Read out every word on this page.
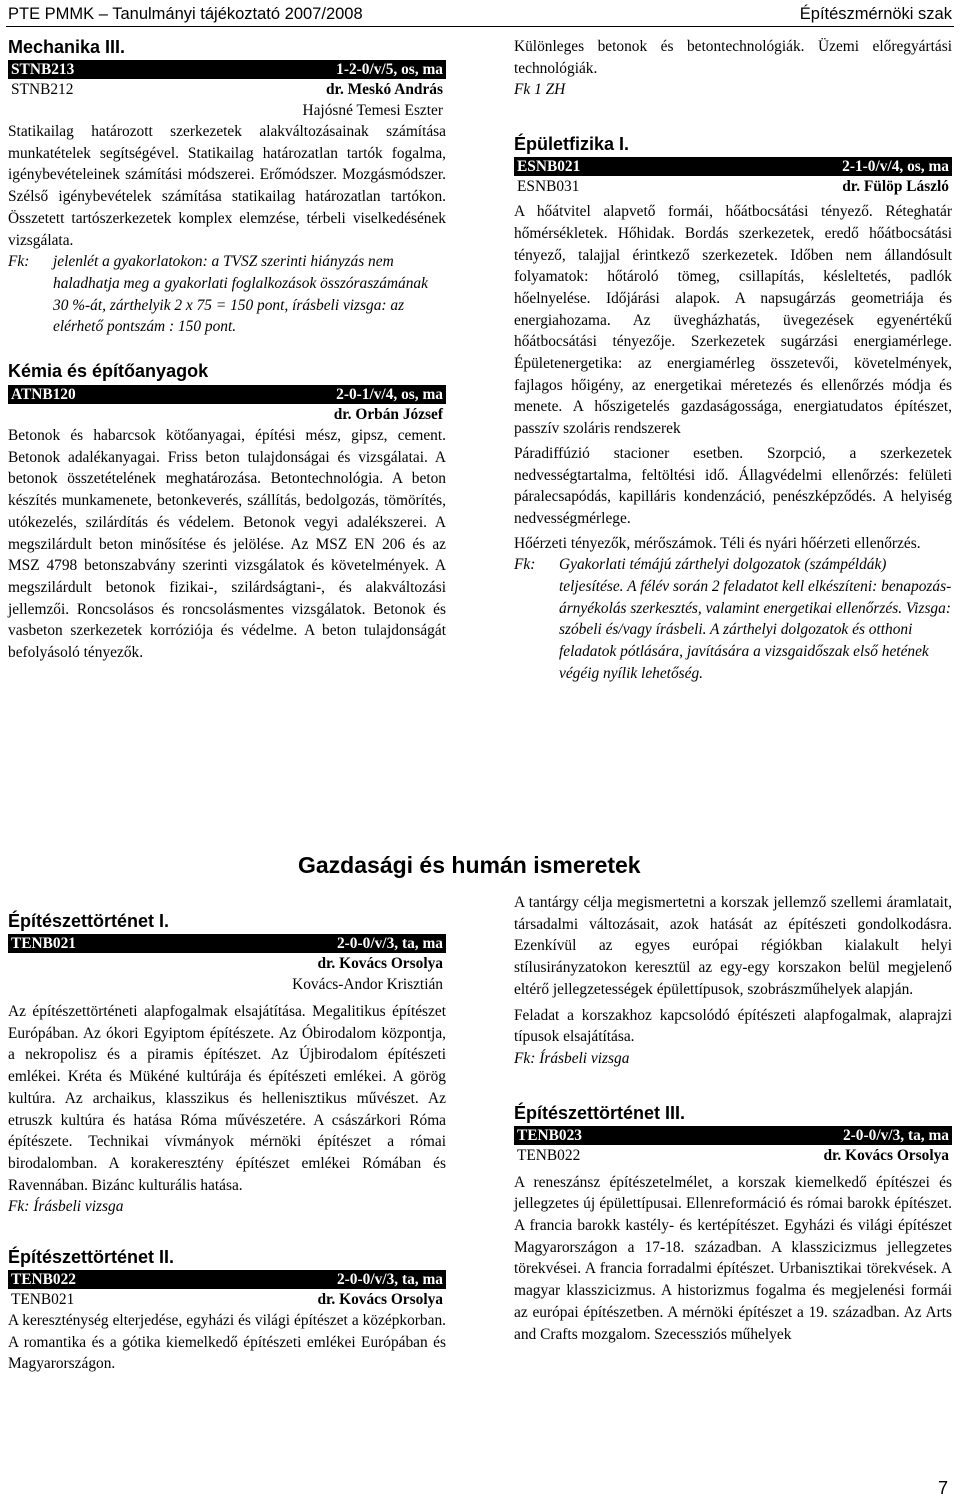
PTE PMMK – Tanulmányi tájékoztató 2007/2008	Építészmérnöki szak
Mechanika III.
STNB213	1-2-0/v/5, os, ma
STNB212	dr. Meskó András
Hajósné Temesi Eszter

Statikailag határozott szerkezetek alakváltozásainak számítása munkatételek segítségével. Statikailag határozatlan tartók fogalma, igénybevételeinek számítási módszerei. Erőmódszer. Mozgásmódszer. Szélső igénybevételek számítása statikailag határozatlan tartókon. Összetett tartószerkezetek komplex elemzése, térbeli viselkedésének vizsgálata.

Fk:	jelenlét a gyakorlatokon: a TVSZ szerinti hiányzás nem haladhatja meg a gyakorlati foglalkozások összóraszámának 30 %-át, zárthelyik 2 x 75 = 150 pont, írásbeli vizsga: az elérhető pontszám : 150 pont.
Kémia és építőanyagok
ATNB120	2-0-1/v/4, os, ma
dr. Orbán József

Betonok és habarcsok kötőanyagai, építési mész, gipsz, cement. Betonok adalékanyagai. Friss beton tulajdonságai és vizsgálatai. A betonok összetételének meghatározása. Betontechnológia. A beton készítés munkamenete, betonkeverés, szállítás, bedolgozás, tömörítés, utókezelés, szilárdítás és védelem. Betonok vegyi adalékszerei. A megszilárdult beton minősítése és jelölése. Az MSZ EN 206 és az MSZ 4798 betonszabvány szerinti vizsgálatok és követelmények. A megszilárdult betonok fizikai-, szilárdságtani-, és alakváltozási jellemzői. Roncsolásos és roncsolásmentes vizsgálatok. Betonok és vasbeton szerkezetek korróziója és védelme. A beton tulajdonságát befolyásoló tényezők.

Különleges betonok és betontechnológiák. Üzemi előregyártási technológiák.

Fk 1 ZH
Épületfizika I.
ESNB021	2-1-0/v/4, os, ma
ESNB031	dr. Fülöp László

A hőátvitel alapvető formái, hőátbocsátási tényező. Réteghatár hőmérsékletek. Hőhidak. Bordás szerkezetek, eredő hőátbocsátási tényező, talajjal érintkező szerkezetek. Időben nem állandósult folyamatok: hőtároló tömeg, csillapítás, késleltetés, padlók hőelnyelése. Időjárási alapok. A napsugárzás geometriája és energiahozama. Az üvegházhatás, üvegezések egyenértékű hőátbocsátási tényezője. Szerkezetek sugárzási energiamérlege. Épületenergetika: az energiamérleg összetevői, követelmények, fajlagos hőigény, az energetikai méretezés és ellenőrzés módja és menete. A hőszigetelés gazdaságossága, energiatudatos építészet, passzív szoláris rendszerek

Páradiffúzió stacioner esetben. Szorpció, a szerkezetek nedvességtartalma, feltöltési idő. Állagvédelmi ellenőrzés: felületi páralecsapódás, kapilláris kondenzáció, penészképződés. A helyiség nedvességmérlege.

Hőérzeti tényezők, mérőszámok. Téli és nyári hőérzeti ellenőrzés.

Fk:	Gyakorlati témájú zárthelyi dolgozatok (számpéldák) teljesítése. A félév során 2 feladatot kell elkészíteni: benapozás-árnyékolás szerkesztés, valamint energetikai ellenőrzés. Vizsga: szóbeli és/vagy írásbeli. A zárthelyi dolgozatok és otthoni feladatok pótlására, javítására a vizsgaidőszak első hetének végéig nyílik lehetőség.
Gazdasági és humán ismeretek
Építészettörténet I.
TENB021	2-0-0/v/3, ta, ma
dr. Kovács Orsolya
Kovács-Andor Krisztián

Az építészettörténeti alapfogalmak elsajátítása. Megalitikus építészet Európában. Az ókori Egyiptom építészete. Az Óbirodalom központja, a nekropolisz és a piramis építészet. Az Újbirodalom építészeti emlékei. Kréta és Mükéné kultúrája és építészeti emlékei. A görög kultúra. Az archaikus, klasszikus és hellenisztikus művészet. Az etruszk kultúra és hatása Róma művészetére. A császárkori Róma építészete. Technikai vívmányok mérnöki építészet a római birodalomban. A korakeresztény építészet emlékei Rómában és Ravennában. Bizánc kulturális hatása.

Fk: Írásbeli vizsga
Építészettörténet II.
TENB022	2-0-0/v/3, ta, ma
TENB021	dr. Kovács Orsolya

A kereszténység elterjedése, egyházi és világi építészet a középkorban. A romantika és a gótika kiemelkedő építészeti emlékei Európában és Magyarországon.

A tantárgy célja megismertetni a korszak jellemző szellemi áramlatait, társadalmi változásait, azok hatását az építészeti gondolkodásra. Ezenkívül az egyes európai régiókban kialakult helyi stílusirányzatokon keresztül az egy-egy korszakon belül megjelenő eltérő jellegzetességek épülettípusok, szobrászműhelyek alapján.

Feladat a korszakhoz kapcsolódó építészeti alapfogalmak, alaprajzi típusok elsajátítása.

Fk: Írásbeli vizsga
Építészettörténet III.
TENB023	2-0-0/v/3, ta, ma
TENB022	dr. Kovács Orsolya

A reneszánsz építészetelmélet, a korszak kiemelkedő építészei és jellegzetes új épülettípusai. Ellenreformáció és római barokk építészet. A francia barokk kastély- és kertépítészet. Egyházi és világi építészet Magyarországon a 17-18. században. A klasszicizmus jellegzetes törekvései. A francia forradalmi építészet. Urbanisztikai törekvések. A magyar klasszicizmus. A historizmus fogalma és megjelenési formái az európai építészetben. A mérnöki építészet a 19. században. Az Arts and Crafts mozgalom. Szecessziós műhelyek

7
